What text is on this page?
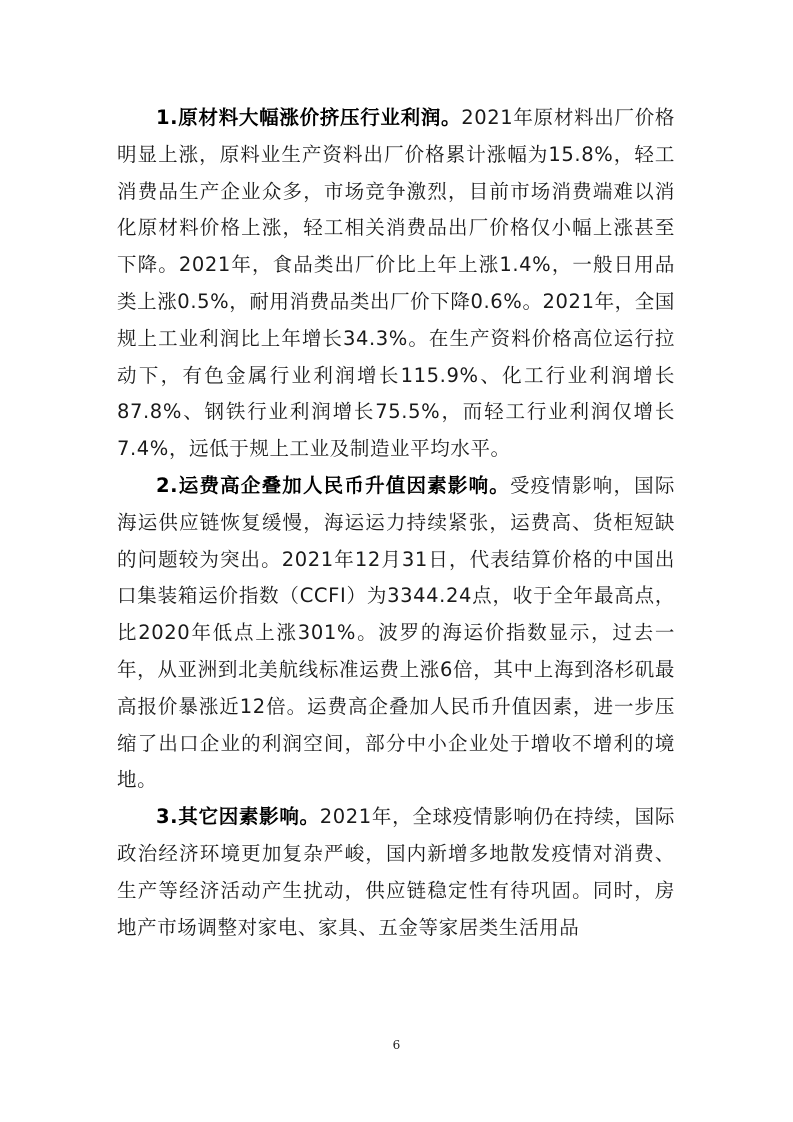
1.原材料大幅涨价挤压行业利润。2021年原材料出厂价格明显上涨，原料业生产资料出厂价格累计涨幅为15.8%，轻工消费品生产企业众多，市场竞争激烈，目前市场消费端难以消化原材料价格上涨，轻工相关消费品出厂价格仅小幅上涨甚至下降。2021年，食品类出厂价比上年上涨1.4%，一般日用品类上涨0.5%，耐用消费品类出厂价下降0.6%。2021年，全国规上工业利润比上年增长34.3%。在生产资料价格高位运行拉动下，有色金属行业利润增长115.9%、化工行业利润增长87.8%、钢铁行业利润增长75.5%，而轻工行业利润仅增长7.4%，远低于规上工业及制造业平均水平。

2.运费高企叠加人民币升值因素影响。受疫情影响，国际海运供应链恢复缓慢，海运运力持续紧张，运费高、货柜短缺的问题较为突出。2021年12月31日，代表结算价格的中国出口集装箱运价指数（CCFI）为3344.24点，收于全年最高点，比2020年低点上涨301%。波罗的海运价指数显示，过去一年，从亚洲到北美航线标准运费上涨6倍，其中上海到洛杉矶最高报价暴涨近12倍。运费高企叠加人民币升值因素，进一步压缩了出口企业的利润空间，部分中小企业处于增收不增利的境地。

3.其它因素影响。2021年，全球疫情影响仍在持续，国际政治经济环境更加复杂严峻，国内新增多地散发疫情对消费、生产等经济活动产生扰动，供应链稳定性有待巩固。同时，房地产市场调整对家电、家具、五金等家居类生活用品

6
